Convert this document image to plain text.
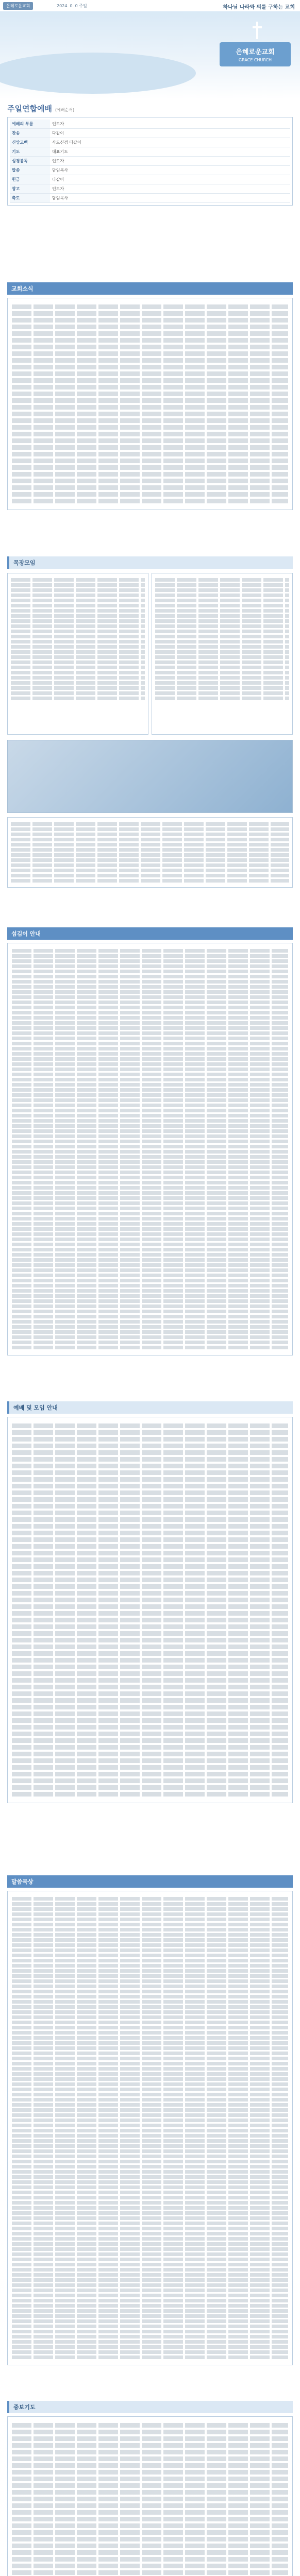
은혜로운교회	2024. 0. 0 주일	하나님 나라와 의를 구하는 교회
은혜로운교회
GRACE CHURCH
주일연합예배 (예배순서)
예배의 부름	인도자
찬송	다같이
신앙고백	사도신경 다같이
기도	대표기도
성경봉독	인도자
말씀	담임목사
헌금	다같이
광고	인도자
축도	담임목사
교회소식
목장모임
섬김이 안내
예배 및 모임 안내
말씀묵상
중보기도
